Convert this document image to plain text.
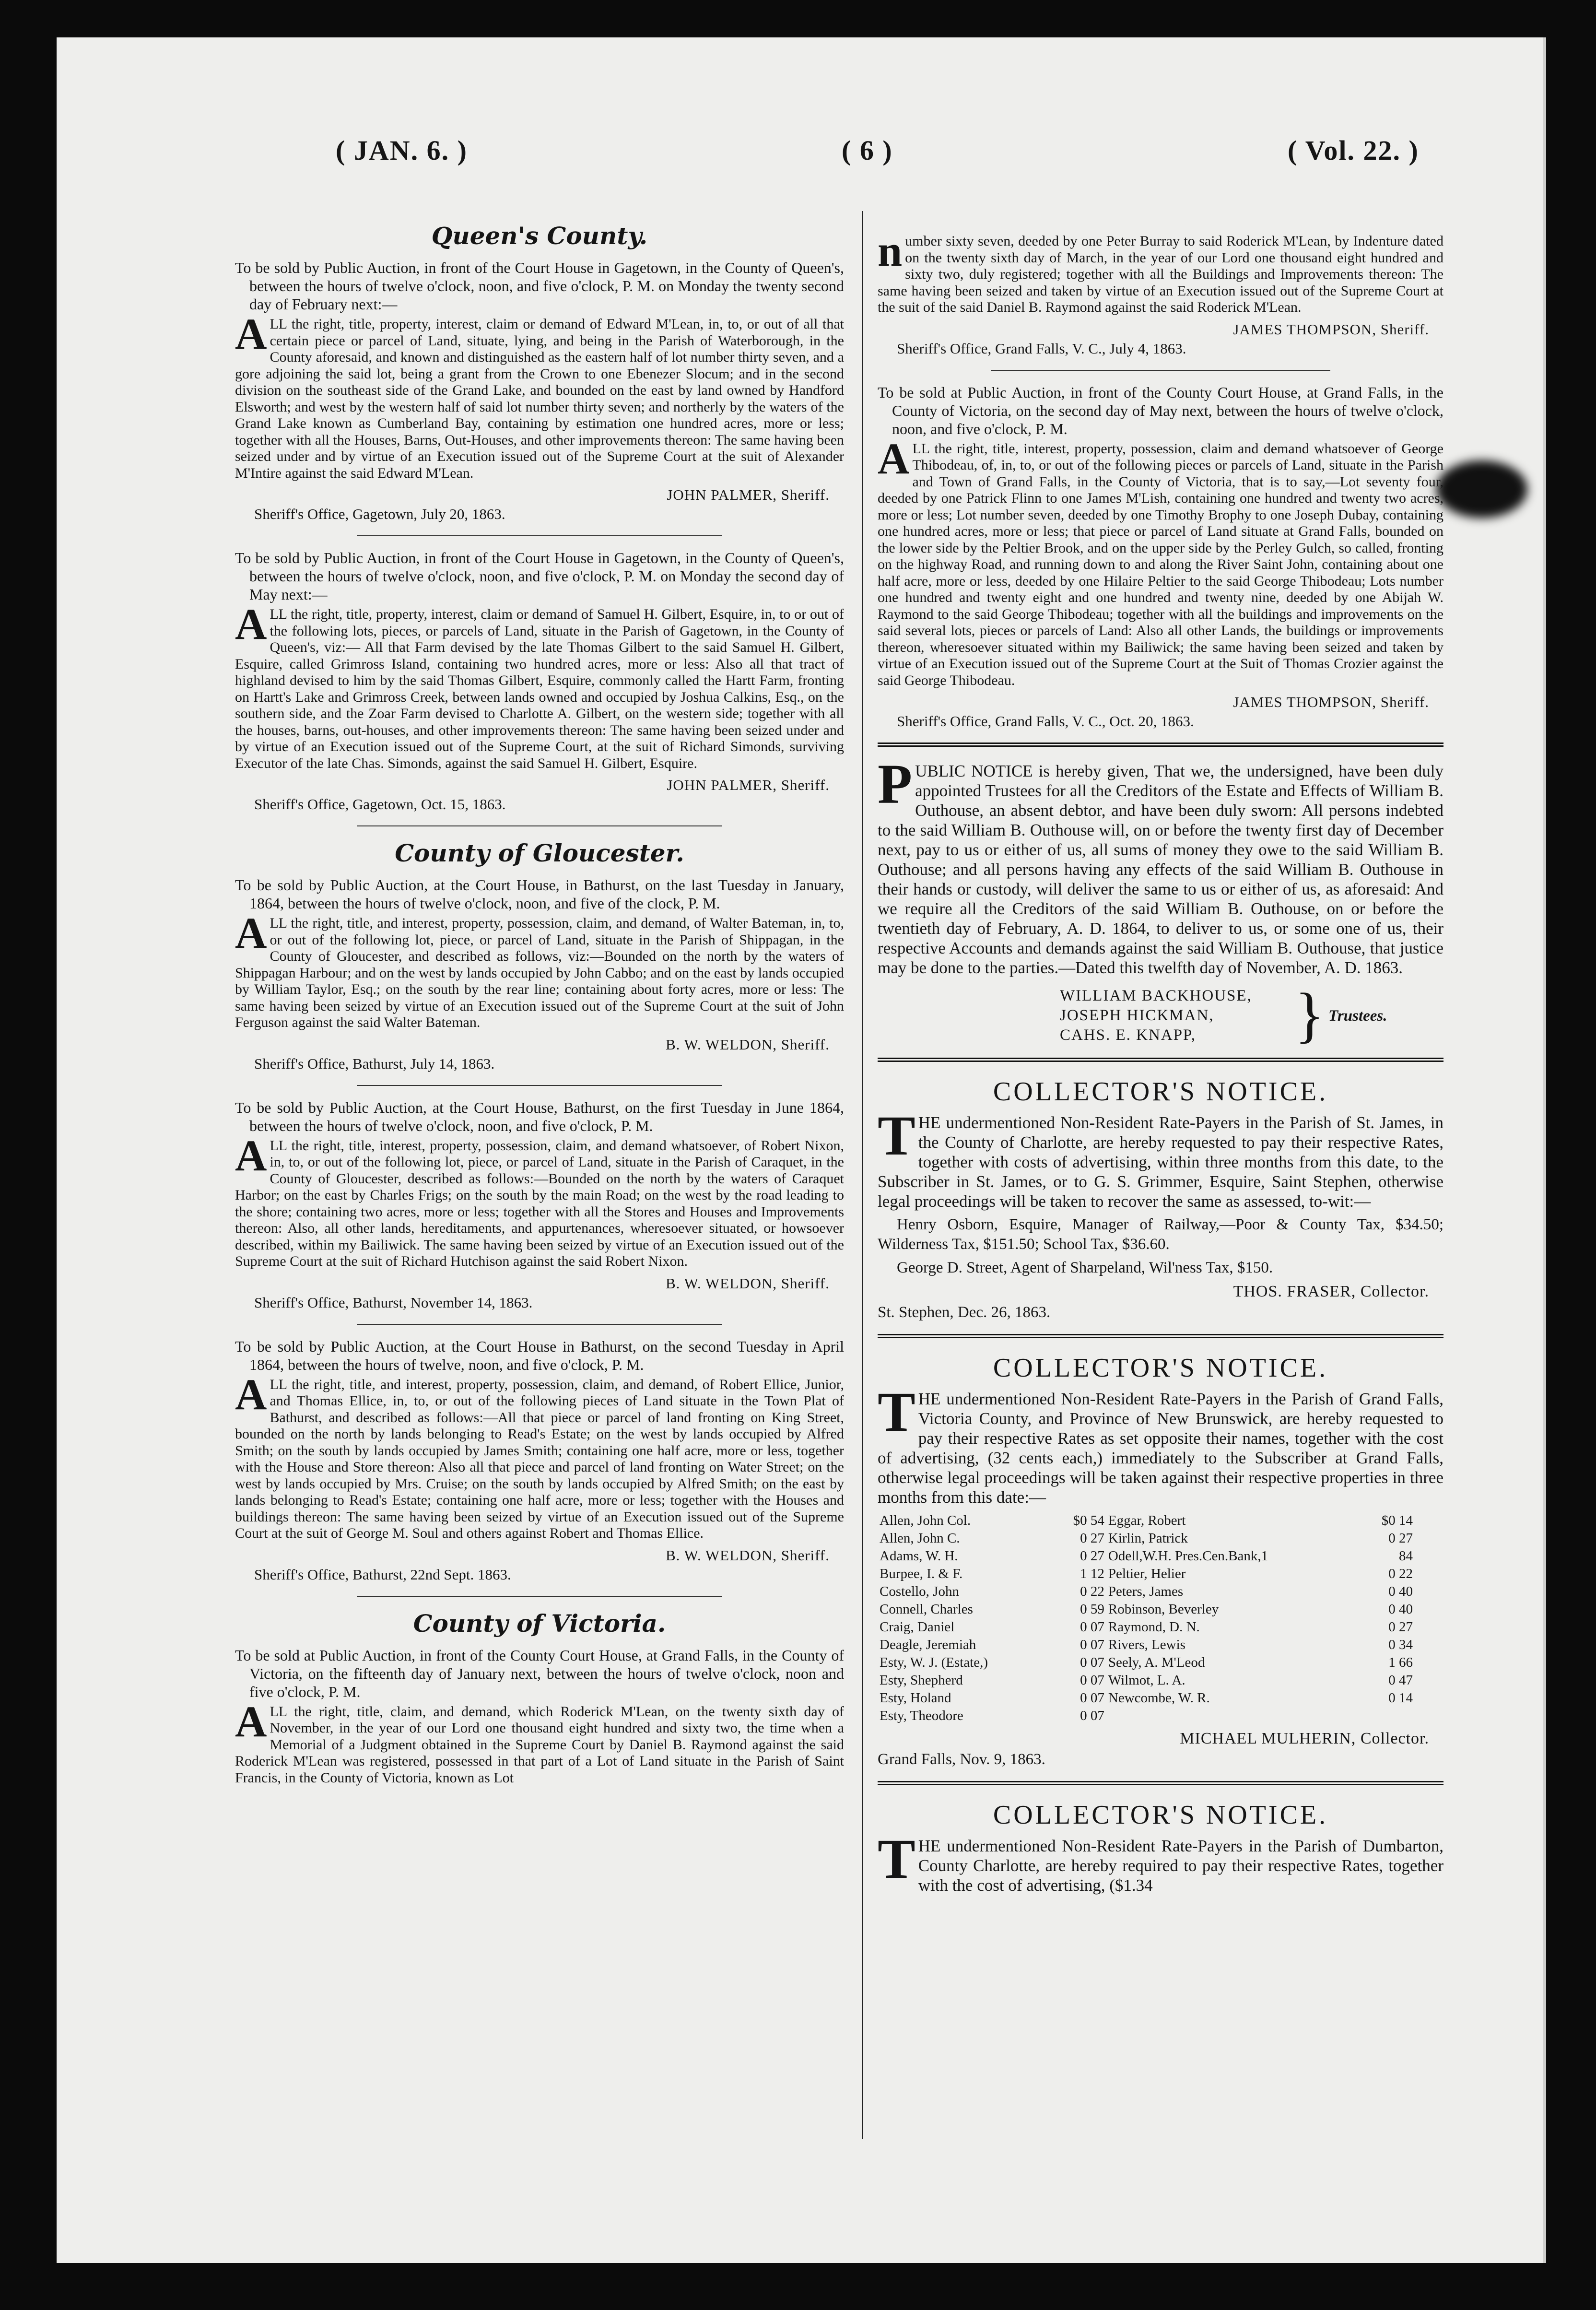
( JAN. 6. )	( 6 )	( Vol. 22. )
Queen's County.

To be sold by Public Auction, in front of the Court House in Gagetown, in the County of Queen's, between the hours of twelve o'clock, noon, and five o'clock, P. M. on Monday the twenty second day of February next:—

ALL the right, title, property, interest, claim or demand of Edward M'Lean, in, to, or out of all that certain piece or parcel of Land, situate, lying, and being in the Parish of Waterborough, in the County aforesaid, and known and distinguished as the eastern half of lot number thirty seven, and a gore adjoining the said lot, being a grant from the Crown to one Ebenezer Slocum; and in the second division on the southeast side of the Grand Lake, and bounded on the east by land owned by Handford Elsworth; and west by the western half of said lot number thirty seven; and northerly by the waters of the Grand Lake known as Cumberland Bay, containing by estimation one hundred acres, more or less; together with all the Houses, Barns, Out-Houses, and other improvements thereon: The same having been seized under and by virtue of an Execution issued out of the Supreme Court at the suit of Alexander M'Intire against the said Edward M'Lean.

JOHN PALMER, Sheriff.
Sheriff's Office, Gagetown, July 20, 1863.

To be sold by Public Auction, in front of the Court House in Gagetown, in the County of Queen's, between the hours of twelve o'clock, noon, and five o'clock, P. M. on Monday the second day of May next:—

ALL the right, title, property, interest, claim or demand of Samuel H. Gilbert, Esquire, in, to or out of the following lots, pieces, or parcels of Land, situate in the Parish of Gagetown, in the County of Queen's, viz:— All that Farm devised by the late Thomas Gilbert to the said Samuel H. Gilbert, Esquire, called Grimross Island, containing two hundred acres, more or less: Also all that tract of highland devised to him by the said Thomas Gilbert, Esquire, commonly called the Hartt Farm, fronting on Hartt's Lake and Grimross Creek, between lands owned and occupied by Joshua Calkins, Esq., on the southern side, and the Zoar Farm devised to Charlotte A. Gilbert, on the western side; together with all the houses, barns, out-houses, and other improvements thereon: The same having been seized under and by virtue of an Execution issued out of the Supreme Court, at the suit of Richard Simonds, surviving Executor of the late Chas. Simonds, against the said Samuel H. Gilbert, Esquire.

JOHN PALMER, Sheriff.
Sheriff's Office, Gagetown, Oct. 15, 1863.
County of Gloucester.

To be sold by Public Auction, at the Court House, in Bathurst, on the last Tuesday in January, 1864, between the hours of twelve o'clock, noon, and five of the clock, P. M.

ALL the right, title, and interest, property, possession, claim, and demand, of Walter Bateman, in, to, or out of the following lot, piece, or parcel of Land, situate in the Parish of Shippagan, in the County of Gloucester, and described as follows, viz:—Bounded on the north by the waters of Shippagan Harbour; and on the west by lands occupied by John Cabbo; and on the east by lands occupied by William Taylor, Esq.; on the south by the rear line; containing about forty acres, more or less: The same having been seized by virtue of an Execution issued out of the Supreme Court at the suit of John Ferguson against the said Walter Bateman.

B. W. WELDON, Sheriff.
Sheriff's Office, Bathurst, July 14, 1863.

To be sold by Public Auction, at the Court House, Bathurst, on the first Tuesday in June 1864, between the hours of twelve o'clock, noon, and five o'clock, P. M.

ALL the right, title, interest, property, possession, claim, and demand whatsoever, of Robert Nixon, in, to, or out of the following lot, piece, or parcel of Land, situate in the Parish of Caraquet, in the County of Gloucester, described as follows:—Bounded on the north by the waters of Caraquet Harbor; on the east by Charles Frigs; on the south by the main Road; on the west by the road leading to the shore; containing two acres, more or less; together with all the Stores and Houses and Improvements thereon: Also, all other lands, hereditaments, and appurtenances, wheresoever situated, or howsoever described, within my Bailiwick. The same having been seized by virtue of an Execution issued out of the Supreme Court at the suit of Richard Hutchison against the said Robert Nixon.

B. W. WELDON, Sheriff.
Sheriff's Office, Bathurst, November 14, 1863.

To be sold by Public Auction, at the Court House in Bathurst, on the second Tuesday in April 1864, between the hours of twelve, noon, and five o'clock, P. M.

ALL the right, title, and interest, property, possession, claim, and demand, of Robert Ellice, Junior, and Thomas Ellice, in, to, or out of the following pieces of Land situate in the Town Plat of Bathurst, and described as follows:—All that piece or parcel of land fronting on King Street, bounded on the north by lands belonging to Read's Estate; on the west by lands occupied by Alfred Smith; on the south by lands occupied by James Smith; containing one half acre, more or less, together with the House and Store thereon: Also all that piece and parcel of land fronting on Water Street; on the west by lands occupied by Mrs. Cruise; on the south by lands occupied by Alfred Smith; on the east by lands belonging to Read's Estate; containing one half acre, more or less; together with the Houses and buildings thereon: The same having been seized by virtue of an Execution issued out of the Supreme Court at the suit of George M. Soul and others against Robert and Thomas Ellice.

B. W. WELDON, Sheriff.
Sheriff's Office, Bathurst, 22nd Sept. 1863.
County of Victoria.

To be sold at Public Auction, in front of the County Court House, at Grand Falls, in the County of Victoria, on the fifteenth day of January next, between the hours of twelve o'clock, noon and five o'clock, P. M.

ALL the right, title, claim, and demand, which Roderick M'Lean, on the twenty sixth day of November, in the year of our Lord one thousand eight hundred and sixty two, the time when a Memorial of a Judgment obtained in the Supreme Court by Daniel B. Raymond against the said Roderick M'Lean was registered, possessed in that part of a Lot of Land situate in the Parish of Saint Francis, in the County of Victoria, known as Lot

number sixty seven, deeded by one Peter Burray to said Roderick M'Lean, by Indenture dated on the twenty sixth day of March, in the year of our Lord one thousand eight hundred and sixty two, duly registered; together with all the Buildings and Improvements thereon: The same having been seized and taken by virtue of an Execution issued out of the Supreme Court at the suit of the said Daniel B. Raymond against the said Roderick M'Lean.

JAMES THOMPSON, Sheriff.
Sheriff's Office, Grand Falls, V. C., July 4, 1863.

To be sold at Public Auction, in front of the County Court House, at Grand Falls, in the County of Victoria, on the second day of May next, between the hours of twelve o'clock, noon, and five o'clock, P. M.

ALL the right, title, interest, property, possession, claim and demand whatsoever of George Thibodeau, of, in, to, or out of the following pieces or parcels of Land, situate in the Parish and Town of Grand Falls, in the County of Victoria, that is to say,—Lot seventy four, deeded by one Patrick Flinn to one James M'Lish, containing one hundred and twenty two acres, more or less; Lot number seven, deeded by one Timothy Brophy to one Joseph Dubay, containing one hundred acres, more or less; that piece or parcel of Land situate at Grand Falls, bounded on the lower side by the Peltier Brook, and on the upper side by the Perley Gulch, so called, fronting on the highway Road, and running down to and along the River Saint John, containing about one half acre, more or less, deeded by one Hilaire Peltier to the said George Thibodeau; Lots number one hundred and twenty eight and one hundred and twenty nine, deeded by one Abijah W. Raymond to the said George Thibodeau; together with all the buildings and improvements on the said several lots, pieces or parcels of Land: Also all other Lands, the buildings or improvements thereon, wheresoever situated within my Bailiwick; the same having been seized and taken by virtue of an Execution issued out of the Supreme Court at the Suit of Thomas Crozier against the said George Thibodeau.

JAMES THOMPSON, Sheriff.
Sheriff's Office, Grand Falls, V. C., Oct. 20, 1863.

PUBLIC NOTICE is hereby given, That we, the undersigned, have been duly appointed Trustees for all the Creditors of the Estate and Effects of William B. Outhouse, an absent debtor, and have been duly sworn: All persons indebted to the said William B. Outhouse will, on or before the twenty first day of December next, pay to us or either of us, all sums of money they owe to the said William B. Outhouse; and all persons having any effects of the said William B. Outhouse in their hands or custody, will deliver the same to us or either of us, as aforesaid: And we require all the Creditors of the said William B. Outhouse, on or before the twentieth day of February, A. D. 1864, to deliver to us, or some one of us, their respective Accounts and demands against the said William B. Outhouse, that justice may be done to the parties.—Dated this twelfth day of November, A. D. 1863.

WILLIAM BACKHOUSE,
JOSEPH HICKMAN,
CAHS. E. KNAPP,	} Trustees.
COLLECTOR'S NOTICE.

THE undermentioned Non-Resident Rate-Payers in the Parish of St. James, in the County of Charlotte, are hereby requested to pay their respective Rates, together with costs of advertising, within three months from this date, to the Subscriber in St. James, or to G. S. Grimmer, Esquire, Saint Stephen, otherwise legal proceedings will be taken to recover the same as assessed, to-wit:—

Henry Osborn, Esquire, Manager of Railway,—Poor & County Tax, $34.50; Wilderness Tax, $151.50; School Tax, $36.60.
George D. Street, Agent of Sharpeland, Wil'ness Tax, $150.
THOS. FRASER, Collector.
St. Stephen, Dec. 26, 1863.
COLLECTOR'S NOTICE.

THE undermentioned Non-Resident Rate-Payers in the Parish of Grand Falls, Victoria County, and Province of New Brunswick, are hereby requested to pay their respective Rates as set opposite their names, together with the cost of advertising, (32 cents each,) immediately to the Subscriber at Grand Falls, otherwise legal proceedings will be taken against their respective properties in three months from this date:—

Allen, John Col.	$0 54	Eggar, Robert	$0 14
Allen, John C.	0 27	Kirlin, Patrick	0 27
Adams, W. H.	0 27	Odell,W.H. Pres.Cen.Bank,1	84
Burpee, I. & F.	1 12	Peltier, Helier	0 22
Costello, John	0 22	Peters, James	0 40
Connell, Charles	0 59	Robinson, Beverley	0 40
Craig, Daniel	0 07	Raymond, D. N.	0 27
Deagle, Jeremiah	0 07	Rivers, Lewis	0 34
Esty, W. J. (Estate,)	0 07	Seely, A. M'Leod	1 66
Esty, Shepherd	0 07	Wilmot, L. A.	0 47
Esty, Holand	0 07	Newcombe, W. R.	0 14
Esty, Theodore	0 07		
MICHAEL MULHERIN, Collector.
Grand Falls, Nov. 9, 1863.
COLLECTOR'S NOTICE.

THE undermentioned Non-Resident Rate-Payers in the Parish of Dumbarton, County Charlotte, are hereby required to pay their respective Rates, together with the cost of advertising, ($1.34
